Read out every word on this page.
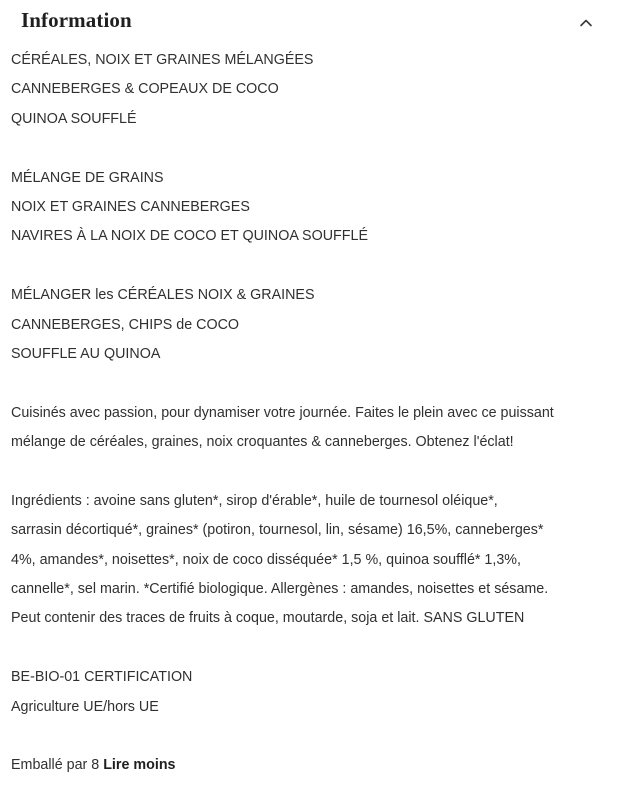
Information
CÉRÉALES, NOIX ET GRAINES MÉLANGÉES
CANNEBERGES & COPEAUX DE COCO
QUINOA SOUFFLÉ
MÉLANGE DE GRAINS
NOIX ET GRAINES CANNEBERGES
NAVIRES À LA NOIX DE COCO ET QUINOA SOUFFLÉ
MÉLANGER les CÉRÉALES NOIX & GRAINES
CANNEBERGES, CHIPS de COCO
SOUFFLE AU QUINOA
Cuisinés avec passion, pour dynamiser votre journée. Faites le plein avec ce puissant
mélange de céréales, graines, noix croquantes & canneberges. Obtenez l'éclat!
Ingrédients : avoine sans gluten*, sirop d'érable*, huile de tournesol oléique*,
sarrasin décortiqué*, graines* (potiron, tournesol, lin, sésame) 16,5%, canneberges*
4%, amandes*, noisettes*, noix de coco disséquée* 1,5 %, quinoa soufflé* 1,3%,
cannelle*, sel marin. *Certifié biologique. Allergènes : amandes, noisettes et sésame.
Peut contenir des traces de fruits à coque, moutarde, soja et lait. SANS GLUTEN
BE-BIO-01 CERTIFICATION
Agriculture UE/hors UE
Emballé par 8 Lire moins
